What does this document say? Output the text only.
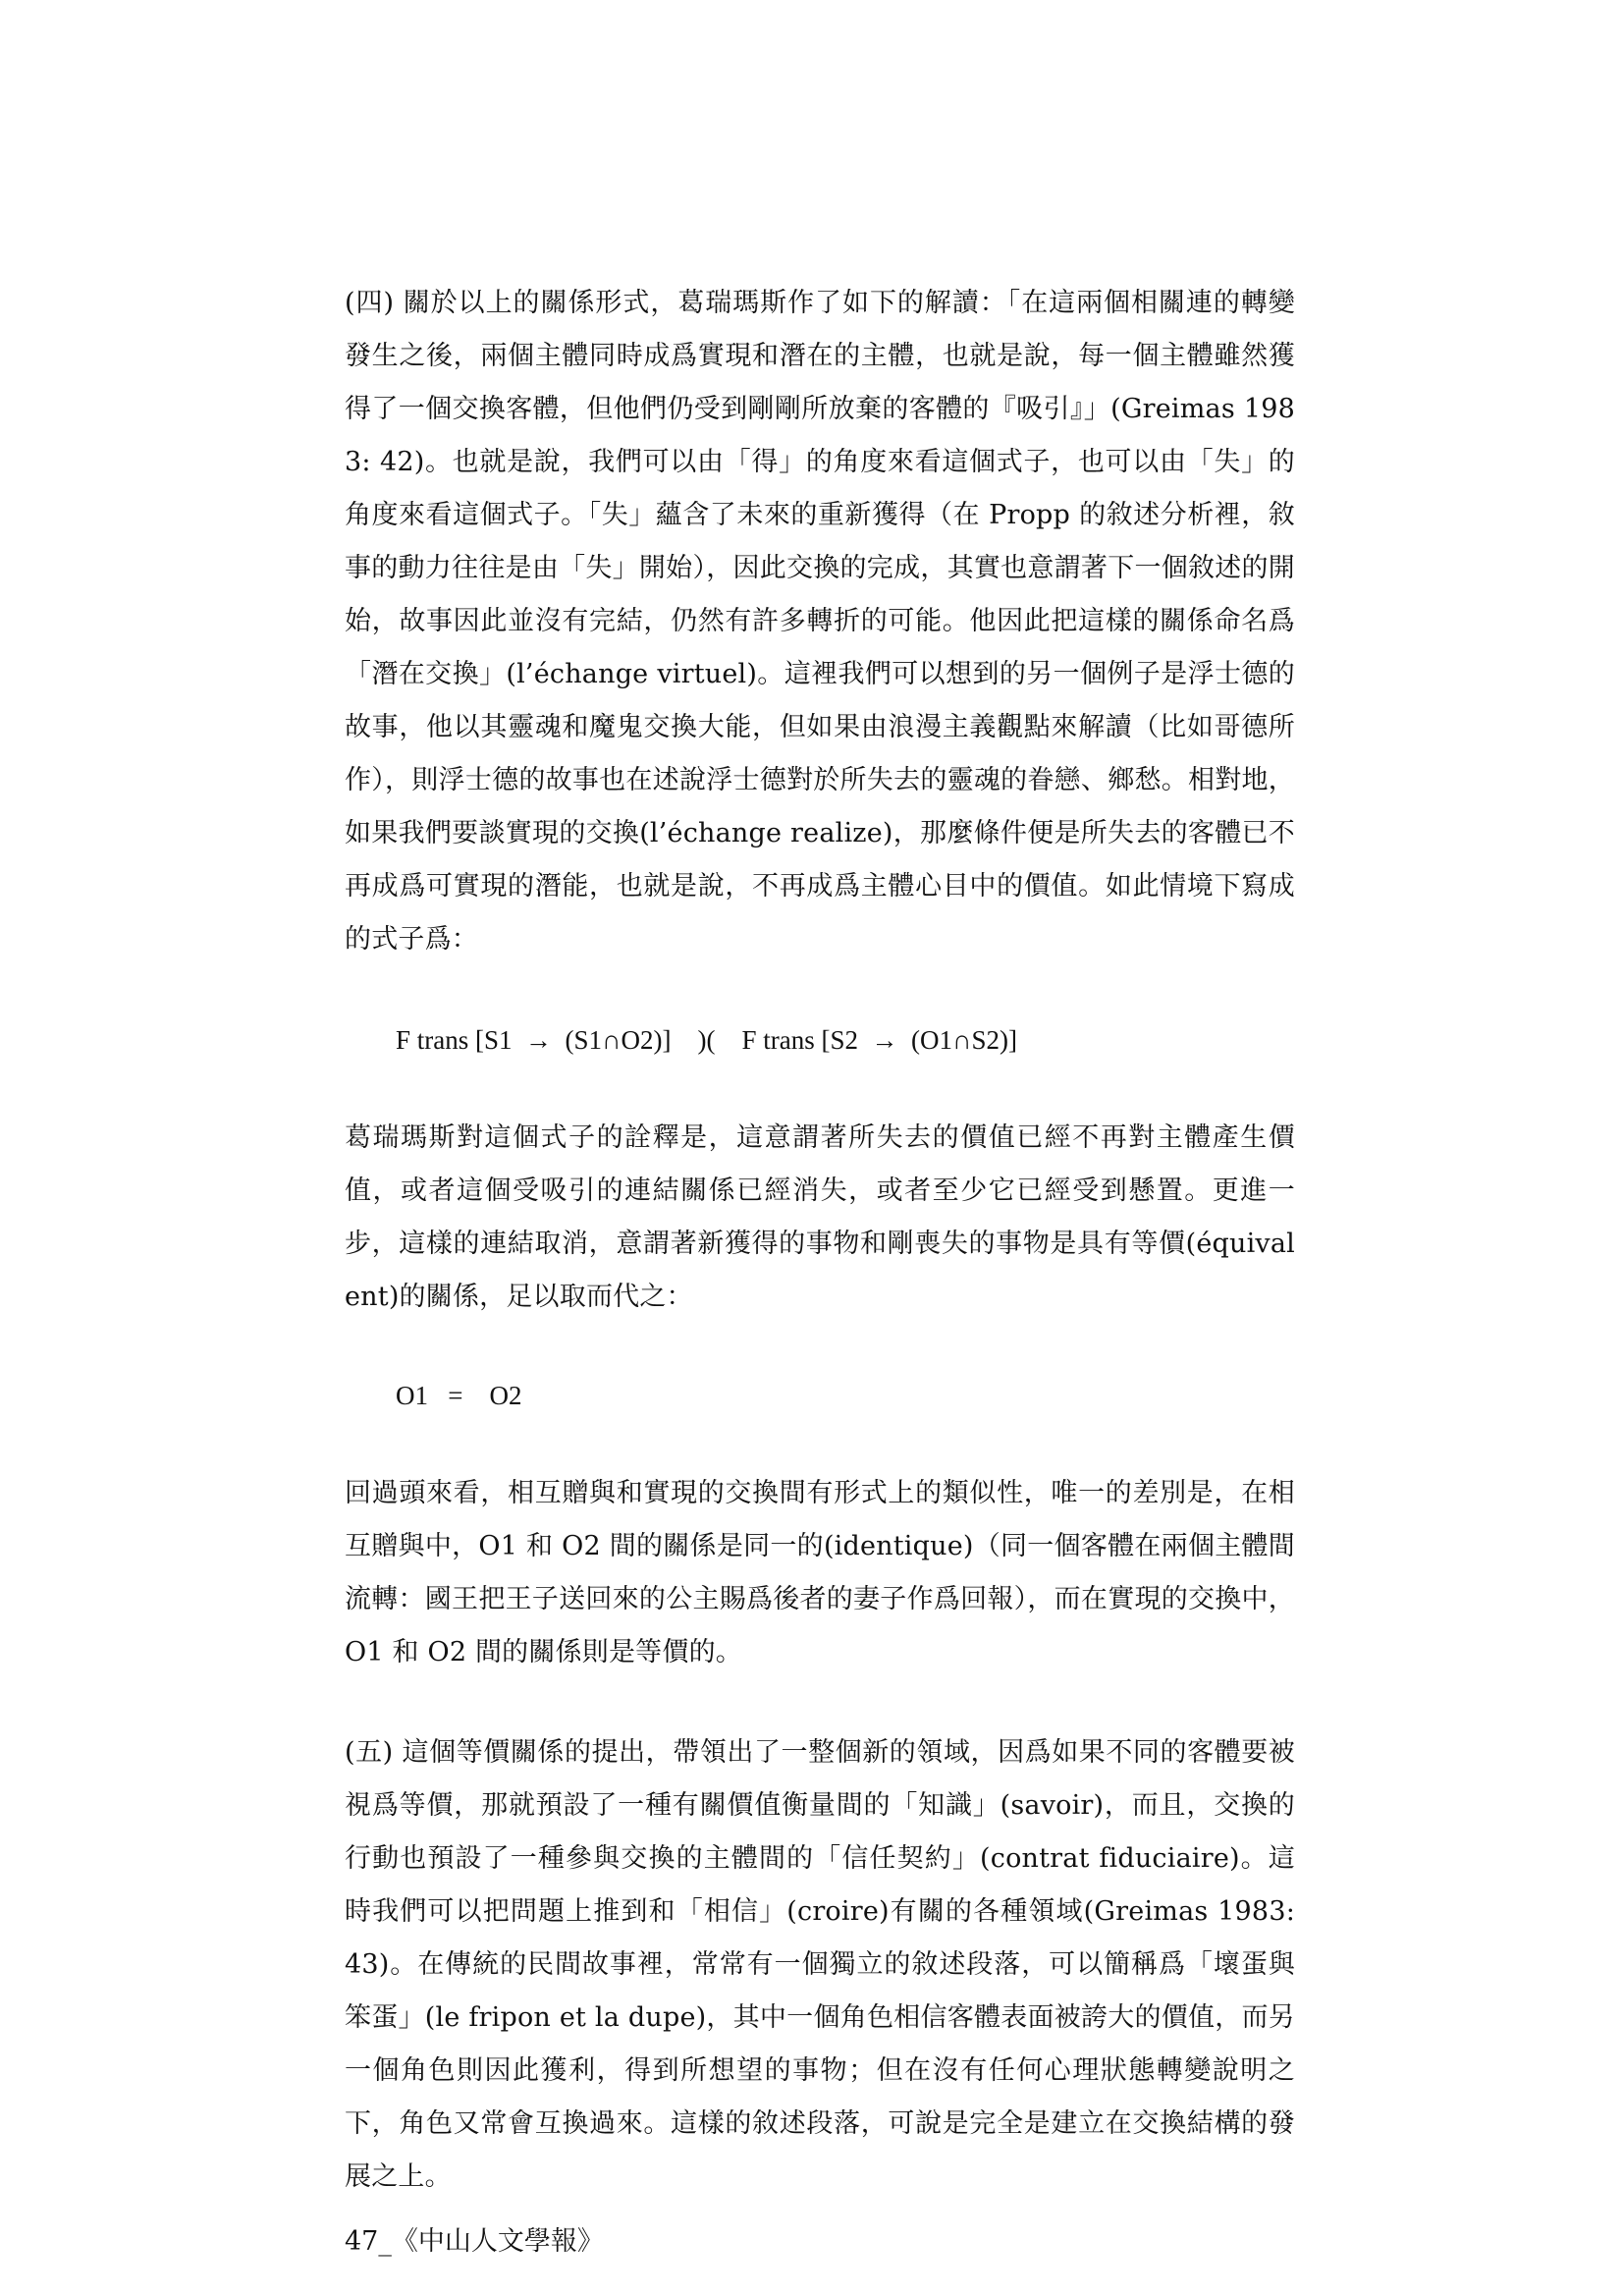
(四) 關於以上的關係形式，葛瑞瑪斯作了如下的解讀：「在這兩個相關連的轉變發生之後，兩個主體同時成爲實現和潛在的主體，也就是說，每一個主體雖然獲得了一個交換客體，但他們仍受到剛剛所放棄的客體的『吸引』」(Greimas 1983: 42)。也就是說，我們可以由「得」的角度來看這個式子，也可以由「失」的角度來看這個式子。「失」蘊含了未來的重新獲得（在 Propp 的敘述分析裡，敘事的動力往往是由「失」開始），因此交換的完成，其實也意謂著下一個敘述的開始，故事因此並沒有完結，仍然有許多轉折的可能。他因此把這樣的關係命名爲「潛在交換」(l’échange virtuel)。這裡我們可以想到的另一個例子是浮士德的故事，他以其靈魂和魔鬼交換大能，但如果由浪漫主義觀點來解讀（比如哥德所作），則浮士德的故事也在述說浮士德對於所失去的靈魂的眷戀、鄉愁。相對地，如果我們要談實現的交換(l’échange realize)，那麼條件便是所失去的客體已不再成爲可實現的潛能，也就是說，不再成爲主體心目中的價值。如此情境下寫成的式子爲：

F trans [S1  →  (S1∩O2)]    )(    F trans [S2  →  (O1∩S2)]

葛瑞瑪斯對這個式子的詮釋是，這意謂著所失去的價值已經不再對主體產生價值，或者這個受吸引的連結關係已經消失，或者至少它已經受到懸置。更進一步，這樣的連結取消，意謂著新獲得的事物和剛喪失的事物是具有等價(équivalent)的關係，足以取而代之：

O1   =    O2

回過頭來看，相互贈與和實現的交換間有形式上的類似性，唯一的差別是，在相互贈與中，O1 和 O2 間的關係是同一的(identique)（同一個客體在兩個主體間流轉：國王把王子送回來的公主賜爲後者的妻子作爲回報），而在實現的交換中，O1 和 O2 間的關係則是等價的。

(五) 這個等價關係的提出，帶領出了一整個新的領域，因爲如果不同的客體要被視爲等價，那就預設了一種有關價值衡量間的「知識」(savoir)，而且，交換的行動也預設了一種參與交換的主體間的「信任契約」(contrat fiduciaire)。這時我們可以把問題上推到和「相信」(croire)有關的各種領域(Greimas 1983: 43)。在傳統的民間故事裡，常常有一個獨立的敘述段落，可以簡稱爲「壞蛋與笨蛋」(le fripon et la dupe)，其中一個角色相信客體表面被誇大的價值，而另一個角色則因此獲利，得到所想望的事物；但在沒有任何心理狀態轉變說明之下，角色又常會互換過來。這樣的敘述段落，可說是完全是建立在交換結構的發展之上。

47_《中山人文學報》
